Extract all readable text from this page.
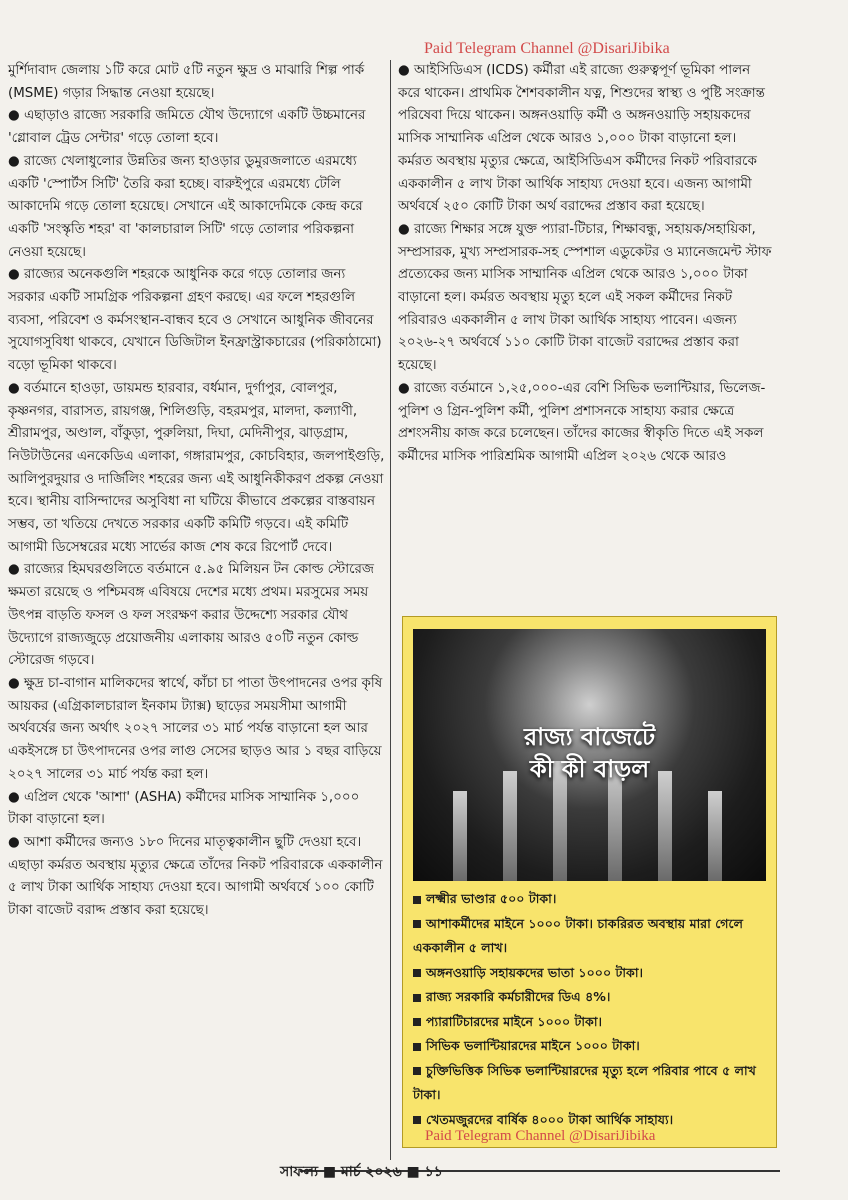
Paid Telegram Channel @DisariJibika

মুর্শিদাবাদ জেলায় ১টি করে মোট ৫টি নতুন ক্ষুদ্র ও মাঝারি শিল্প পার্ক (MSME) গড়ার সিদ্ধান্ত নেওয়া হয়েছে।

● এছাড়াও রাজ্যে সরকারি জমিতে যৌথ উদ্যোগে একটি উচ্চমানের 'গ্লোবাল ট্রেড সেন্টার' গড়ে তোলা হবে।

● রাজ্যে খেলাধুলোর উন্নতির জন্য হাওড়ার ডুমুরজলাতে এরমধ্যে একটি 'স্পোর্টস সিটি' তৈরি করা হচ্ছে। বারুইপুরে এরমধ্যে টেলি আকাদেমি গড়ে তোলা হয়েছে। সেখানে এই আকাদেমিকে কেন্দ্র করে একটি 'সংস্কৃতি শহর' বা 'কালচারাল সিটি' গড়ে তোলার পরিকল্পনা নেওয়া হয়েছে।

● রাজ্যের অনেকগুলি শহরকে আধুনিক করে গড়ে তোলার জন্য সরকার একটি সামগ্রিক পরিকল্পনা গ্রহণ করছে। এর ফলে শহরগুলি ব্যবসা, পরিবেশ ও কর্মসংস্থান-বান্ধব হবে ও সেখানে আধুনিক জীবনের সুযোগসুবিধা থাকবে, যেখানে ডিজিটাল ইনফ্রাস্ট্রাকচারের (পরিকাঠামো) বড়ো ভূমিকা থাকবে।

● বর্তমানে হাওড়া, ডায়মন্ড হারবার, বর্ধমান, দুর্গাপুর, বোলপুর, কৃষ্ণনগর, বারাসত, রায়গঞ্জ, শিলিগুড়ি, বহরমপুর, মালদা, কল্যাণী, শ্রীরামপুর, অণ্ডাল, বাঁকুড়া, পুরুলিয়া, দিঘা, মেদিনীপুর, ঝাড়গ্রাম, নিউটাউনের এনকেডিএ এলাকা, গঙ্গারামপুর, কোচবিহার, জলপাইগুড়ি, আলিপুরদুয়ার ও দার্জিলিং শহরের জন্য এই আধুনিকীকরণ প্রকল্প নেওয়া হবে। স্থানীয় বাসিন্দাদের অসুবিধা না ঘটিয়ে কীভাবে প্রকল্পের বাস্তবায়ন সম্ভব, তা খতিয়ে দেখতে সরকার একটি কমিটি গড়বে। এই কমিটি আগামী ডিসেম্বরের মধ্যে সার্ভের কাজ শেষ করে রিপোর্ট দেবে।

● রাজ্যের হিমঘরগুলিতে বর্তমানে ৫.৯৫ মিলিয়ন টন কোল্ড স্টোরেজ ক্ষমতা রয়েছে ও পশ্চিমবঙ্গ এবিষয়ে দেশের মধ্যে প্রথম। মরসুমের সময় উৎপন্ন বাড়তি ফসল ও ফল সংরক্ষণ করার উদ্দেশ্যে সরকার যৌথ উদ্যোগে রাজ্যজুড়ে প্রয়োজনীয় এলাকায় আরও ৫০টি নতুন কোল্ড স্টোরেজ গড়বে।

● ক্ষুদ্র চা-বাগান মালিকদের স্বার্থে, কাঁচা চা পাতা উৎপাদনের ওপর কৃষি আয়কর (এগ্রিকালচারাল ইনকাম ট্যাক্স) ছাড়ের সময়সীমা আগামী অর্থবর্ষের জন্য অর্থাৎ ২০২৭ সালের ৩১ মার্চ পর্যন্ত বাড়ানো হল আর একইসঙ্গে চা উৎপাদনের ওপর লাগু সেসের ছাড়ও আর ১ বছর বাড়িয়ে ২০২৭ সালের ৩১ মার্চ পর্যন্ত করা হল।

● এপ্রিল থেকে 'আশা' (ASHA) কর্মীদের মাসিক সাম্মানিক ১,০০০ টাকা বাড়ানো হল।

● আশা কর্মীদের জন্যও ১৮০ দিনের মাতৃত্বকালীন ছুটি দেওয়া হবে। এছাড়া কর্মরত অবস্থায় মৃত্যুর ক্ষেত্রে তাঁদের নিকট পরিবারকে এককালীন ৫ লাখ টাকা আর্থিক সাহায্য দেওয়া হবে। আগামী অর্থবর্ষে ১০০ কোটি টাকা বাজেট বরাদ্দ প্রস্তাব করা হয়েছে।

● আইসিডিএস (ICDS) কর্মীরা এই রাজ্যে গুরুত্বপূর্ণ ভূমিকা পালন করে থাকেন। প্রাথমিক শৈশবকালীন যত্ন, শিশুদের স্বাস্থ্য ও পুষ্টি সংক্রান্ত পরিষেবা দিয়ে থাকেন। অঙ্গনওয়াড়ি কর্মী ও অঙ্গনওয়াড়ি সহায়কদের মাসিক সাম্মানিক এপ্রিল থেকে আরও ১,০০০ টাকা বাড়ানো হল। কর্মরত অবস্থায় মৃত্যুর ক্ষেত্রে, আইসিডিএস কর্মীদের নিকট পরিবারকে এককালীন ৫ লাখ টাকা আর্থিক সাহায্য দেওয়া হবে। এজন্য আগামী অর্থবর্ষে ২৫০ কোটি টাকা অর্থ বরাদ্দের প্রস্তাব করা হয়েছে।

● রাজ্যে শিক্ষার সঙ্গে যুক্ত প্যারা-টিচার, শিক্ষাবন্ধু, সহায়ক/সহায়িকা, সম্প্রসারক, মুখ্য সম্প্রসারক-সহ স্পেশাল এডুকেটর ও ম্যানেজমেন্ট স্টাফ প্রত্যেকের জন্য মাসিক সাম্মানিক এপ্রিল থেকে আরও ১,০০০ টাকা বাড়ানো হল। কর্মরত অবস্থায় মৃত্যু হলে এই সকল কর্মীদের নিকট পরিবারও এককালীন ৫ লাখ টাকা আর্থিক সাহায্য পাবেন। এজন্য ২০২৬-২৭ অর্থবর্ষে ১১০ কোটি টাকা বাজেট বরাদ্দের প্রস্তাব করা হয়েছে।

● রাজ্যে বর্তমানে ১,২৫,০০০-এর বেশি সিভিক ভলান্টিয়ার, ভিলেজ-পুলিশ ও গ্রিন-পুলিশ কর্মী, পুলিশ প্রশাসনকে সাহায্য করার ক্ষেত্রে প্রশংসনীয় কাজ করে চলেছেন। তাঁদের কাজের স্বীকৃতি দিতে এই সকল কর্মীদের মাসিক পারিশ্রমিক আগামী এপ্রিল ২০২৬ থেকে আরও

রাজ্য বাজেটে
কী কী বাড়ল
লক্ষ্মীর ভাণ্ডার ৫০০ টাকা।
আশাকর্মীদের মাইনে ১০০০ টাকা। চাকরিরত অবস্থায় মারা গেলে এককালীন ৫ লাখ।
অঙ্গনওয়াড়ি সহায়কদের ভাতা ১০০০ টাকা।
রাজ্য সরকারি কর্মচারীদের ডিএ ৪%।
প্যারাটিচারদের মাইনে ১০০০ টাকা।
সিভিক ভলান্টিয়ারদের মাইনে ১০০০ টাকা।
চুক্তিভিত্তিক সিভিক ভলান্টিয়ারদের মৃত্যু হলে পরিবার পাবে ৫ লাখ টাকা।
খেতমজুরদের বার্ষিক ৪০০০ টাকা আর্থিক সাহায্য।
Paid Telegram Channel @DisariJibika
সাফল্য ■ মার্চ ২০২৬ ■ ১১
